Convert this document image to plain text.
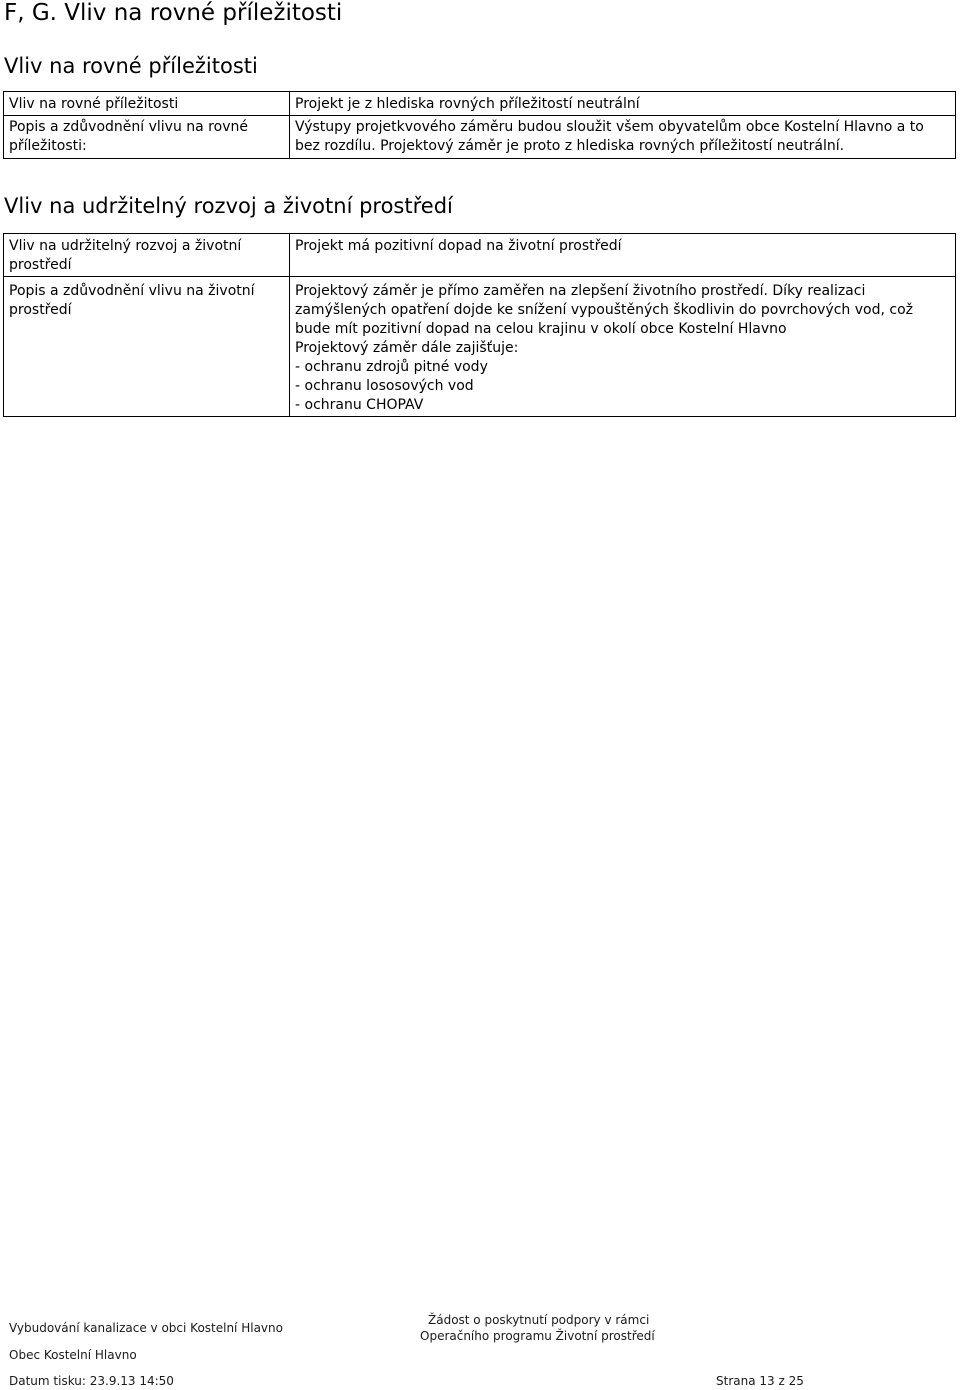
F, G. Vliv na rovné příležitosti
Vliv na rovné příležitosti
Vliv na rovné příležitosti	Projekt je z hlediska rovných příležitostí neutrální
Popis a zdůvodnění vlivu na rovné příležitosti:	Výstupy projetkvového záměru budou sloužit všem obyvatelům obce Kostelní Hlavno a to bez rozdílu. Projektový záměr je proto z hlediska rovných příležitostí neutrální.
Vliv na udržitelný rozvoj a životní prostředí
Vliv na udržitelný rozvoj a životní prostředí	Projekt má pozitivní dopad na životní prostředí
Popis a zdůvodnění vlivu na životní prostředí	Projektový záměr je přímo zaměřen na zlepšení životního prostředí. Díky realizaci zamýšlených opatření dojde ke snížení vypouštěných škodlivin do povrchových vod, což bude mít pozitivní dopad na celou krajinu v okolí obce Kostelní Hlavno
Projektový záměr dále zajišťuje:
- ochranu zdrojů pitné vody
- ochranu lososových vod
- ochranu CHOPAV
Vybudování kanalizace v obci Kostelní Hlavno
Žádost o poskytnutí podpory v rámci
Operačního programu Životní prostředí
Obec Kostelní Hlavno
Datum tisku: 23.9.13 14:50	Strana 13 z 25
